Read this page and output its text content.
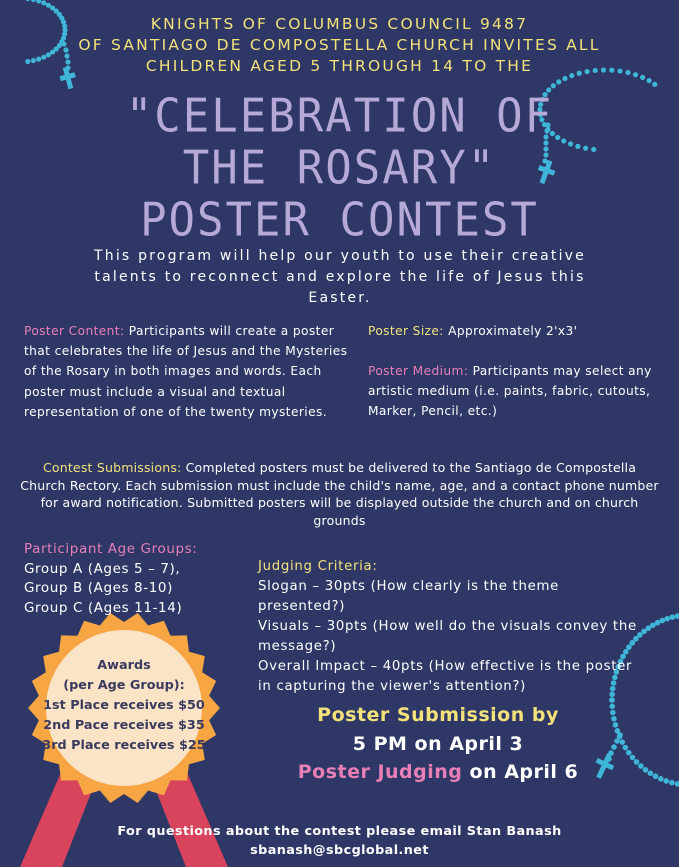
KNIGHTS OF COLUMBUS COUNCIL 9487
OF SANTIAGO DE COMPOSTELLA CHURCH INVITES ALL
CHILDREN AGED 5 THROUGH 14 TO THE
"CELEBRATION OF
THE ROSARY"
POSTER CONTEST
This program will help our youth to use their creative talents to reconnect and explore the life of Jesus this Easter.
Poster Content: Participants will create a poster that celebrates the life of Jesus and the Mysteries of the Rosary in both images and words. Each poster must include a visual and textual representation of one of the twenty mysteries.
Poster Size: Approximately 2'x3'
Poster Medium: Participants may select any artistic medium (i.e. paints, fabric, cutouts, Marker, Pencil, etc.)
Contest Submissions: Completed posters must be delivered to the Santiago de Compostella Church Rectory. Each submission must include the child's name, age, and a contact phone number for award notification. Submitted posters will be displayed outside the church and on church grounds
Participant Age Groups:
Group A (Ages 5 – 7),
Group B (Ages 8-10)
Group C (Ages 11-14)
Judging Criteria:
Slogan – 30pts (How clearly is the theme presented?)
Visuals – 30pts (How well do the visuals convey the message?)
Overall Impact – 40pts (How effective is the poster in capturing the viewer's attention?)
Awards
(per Age Group):
1st Place receives $50
2nd Pace receives $35
3rd Place receives $25
Poster Submission by
5 PM on April 3
Poster Judging on April 6
For questions about the contest please email Stan Banash
sbanash@sbcglobal.net
